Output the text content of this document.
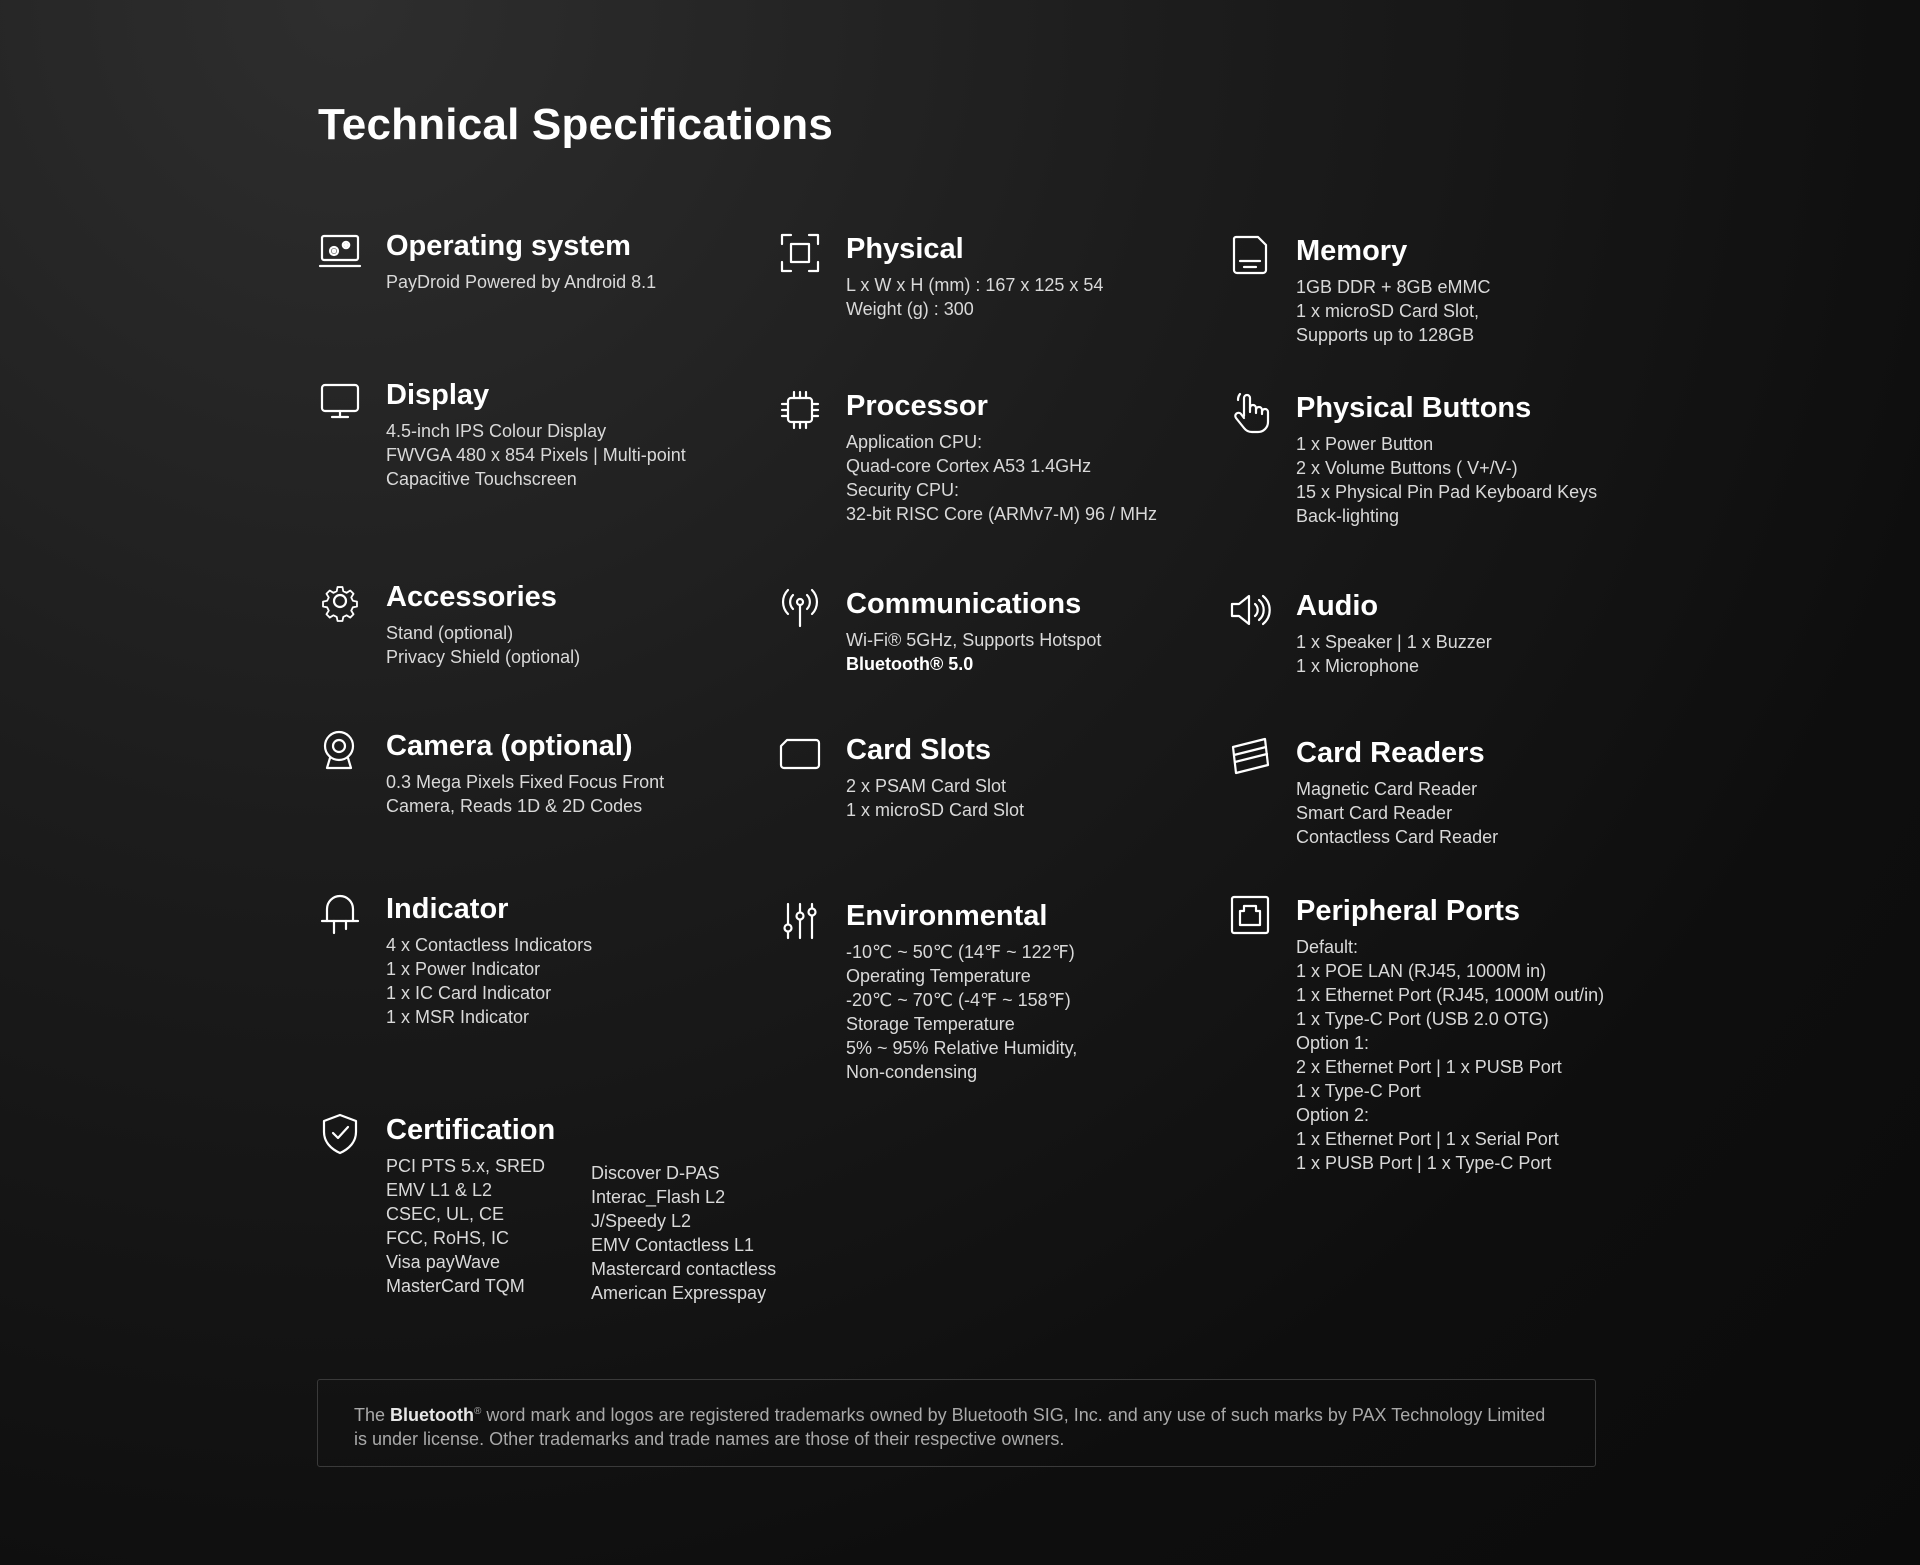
Technical Specifications
Operating system
PayDroid Powered by Android 8.1
Display
4.5-inch IPS Colour Display
FWVGA 480 x 854 Pixels | Multi-point
Capacitive Touchscreen
Accessories
Stand (optional)
Privacy Shield (optional)
Camera (optional)
0.3 Mega Pixels Fixed Focus Front
Camera, Reads 1D & 2D Codes
Indicator
4 x Contactless Indicators
1 x Power Indicator
1 x IC Card Indicator
1 x MSR Indicator
Certification
PCI PTS 5.x, SRED
EMV L1 & L2
CSEC, UL, CE
FCC, RoHS, IC
Visa payWave
MasterCard TQM
Discover D-PAS
Interac_Flash L2
J/Speedy L2
EMV Contactless L1
Mastercard contactless
American Expresspay
Physical
L x W x H (mm) : 167 x 125 x 54
Weight (g) : 300
Processor
Application CPU:
Quad-core Cortex A53 1.4GHz
Security CPU:
32-bit RISC Core (ARMv7-M) 96 / MHz
Communications
Wi-Fi® 5GHz, Supports Hotspot
Bluetooth® 5.0
Card Slots
2 x PSAM Card Slot
1 x microSD Card Slot
Environmental
-10℃ ~ 50℃ (14℉ ~ 122℉)
Operating Temperature
-20℃ ~ 70℃ (-4℉ ~ 158℉)
Storage Temperature
5% ~ 95% Relative Humidity,
Non-condensing
Memory
1GB DDR + 8GB eMMC
1 x microSD Card Slot,
Supports up to 128GB
Physical Buttons
1 x Power Button
2 x Volume Buttons ( V+/V-)
15 x Physical Pin Pad Keyboard Keys
Back-lighting
Audio
1 x Speaker | 1 x Buzzer
1 x Microphone
Card Readers
Magnetic Card Reader
Smart Card Reader
Contactless Card Reader
Peripheral Ports
Default:
1 x POE LAN (RJ45, 1000M in)
1 x Ethernet Port (RJ45, 1000M out/in)
1 x Type-C Port (USB 2.0 OTG)
Option 1:
2 x Ethernet Port | 1 x PUSB Port
1 x Type-C Port
Option 2:
1 x Ethernet Port | 1 x Serial Port
1 x PUSB Port | 1 x Type-C Port
The Bluetooth® word mark and logos are registered trademarks owned by Bluetooth SIG, Inc. and any use of such marks by PAX Technology Limited is under license. Other trademarks and trade names are those of their respective owners.
